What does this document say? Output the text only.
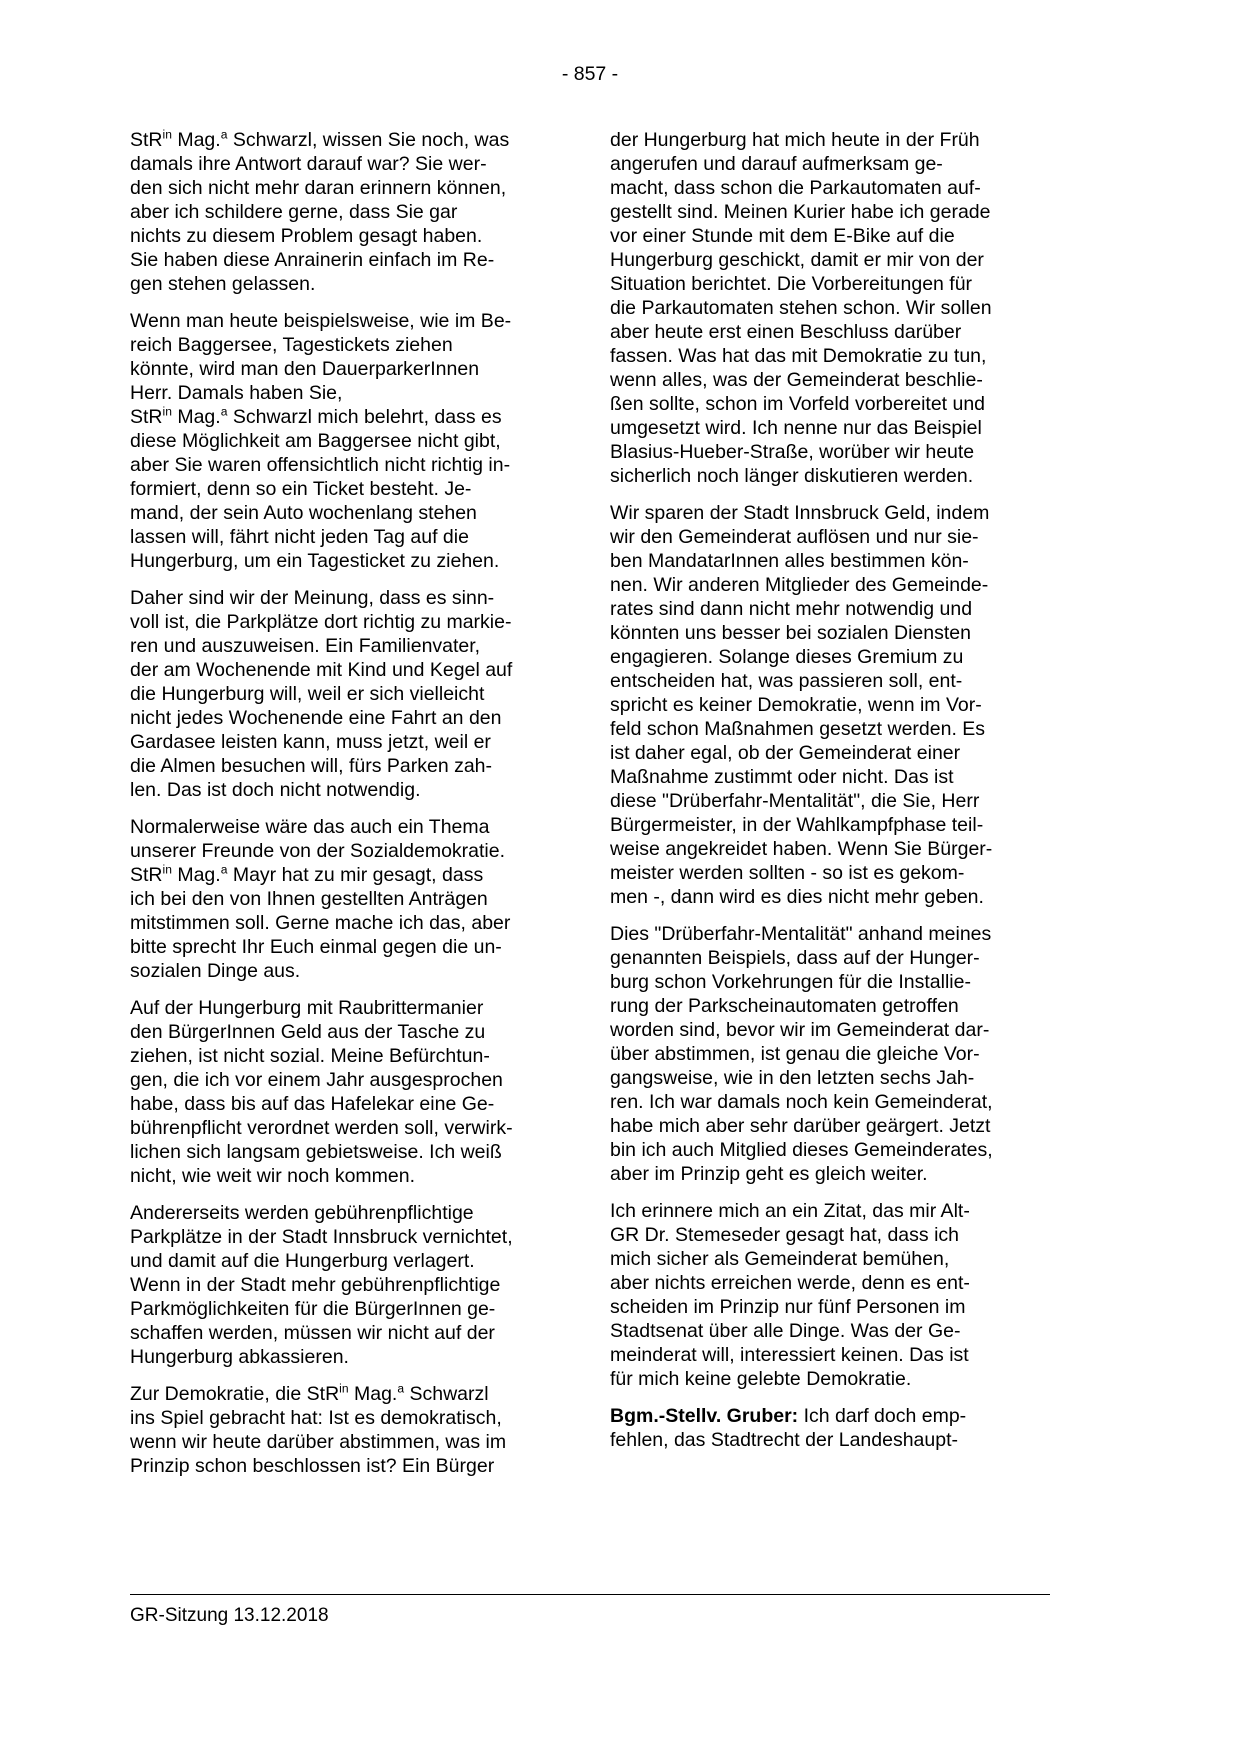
- 857 -

StR$^{in}$ Mag.$^a$ Schwarzl, wissen Sie noch, was
damals ihre Antwort darauf war? Sie wer-
den sich nicht mehr daran erinnern können,
aber ich schildere gerne, dass Sie gar
nichts zu diesem Problem gesagt haben.
Sie haben diese Anrainerin einfach im Re-
gen stehen gelassen.

Wenn man heute beispielsweise, wie im Be-
reich Baggersee, Tagestickets ziehen
könnte, wird man den DauerparkerInnen
Herr. Damals haben Sie,
StR$^{in}$ Mag.$^a$ Schwarzl mich belehrt, dass es
diese Möglichkeit am Baggersee nicht gibt,
aber Sie waren offensichtlich nicht richtig in-
formiert, denn so ein Ticket besteht. Je-
mand, der sein Auto wochenlang stehen
lassen will, fährt nicht jeden Tag auf die
Hungerburg, um ein Tagesticket zu ziehen.

Daher sind wir der Meinung, dass es sinn-
voll ist, die Parkplätze dort richtig zu markie-
ren und auszuweisen. Ein Familienvater,
der am Wochenende mit Kind und Kegel auf
die Hungerburg will, weil er sich vielleicht
nicht jedes Wochenende eine Fahrt an den
Gardasee leisten kann, muss jetzt, weil er
die Almen besuchen will, fürs Parken zah-
len. Das ist doch nicht notwendig.

Normalerweise wäre das auch ein Thema
unserer Freunde von der Sozialdemokratie.
StR$^{in}$ Mag.$^a$ Mayr hat zu mir gesagt, dass
ich bei den von Ihnen gestellten Anträgen
mitstimmen soll. Gerne mache ich das, aber
bitte sprecht Ihr Euch einmal gegen die un-
sozialen Dinge aus.

Auf der Hungerburg mit Raubrittermanier
den BürgerInnen Geld aus der Tasche zu
ziehen, ist nicht sozial. Meine Befürchtun-
gen, die ich vor einem Jahr ausgesprochen
habe, dass bis auf das Hafelekar eine Ge-
bührenpflicht verordnet werden soll, verwirk-
lichen sich langsam gebietsweise. Ich weiß
nicht, wie weit wir noch kommen.

Andererseits werden gebührenpflichtige
Parkplätze in der Stadt Innsbruck vernichtet,
und damit auf die Hungerburg verlagert.
Wenn in der Stadt mehr gebührenpflichtige
Parkmöglichkeiten für die BürgerInnen ge-
schaffen werden, müssen wir nicht auf der
Hungerburg abkassieren.

Zur Demokratie, die StR$^{in}$ Mag.$^a$ Schwarzl
ins Spiel gebracht hat: Ist es demokratisch,
wenn wir heute darüber abstimmen, was im
Prinzip schon beschlossen ist? Ein Bürger

der Hungerburg hat mich heute in der Früh
angerufen und darauf aufmerksam ge-
macht, dass schon die Parkautomaten auf-
gestellt sind. Meinen Kurier habe ich gerade
vor einer Stunde mit dem E-Bike auf die
Hungerburg geschickt, damit er mir von der
Situation berichtet. Die Vorbereitungen für
die Parkautomaten stehen schon. Wir sollen
aber heute erst einen Beschluss darüber
fassen. Was hat das mit Demokratie zu tun,
wenn alles, was der Gemeinderat beschlie-
ßen sollte, schon im Vorfeld vorbereitet und
umgesetzt wird. Ich nenne nur das Beispiel
Blasius-Hueber-Straße, worüber wir heute
sicherlich noch länger diskutieren werden.

Wir sparen der Stadt Innsbruck Geld, indem
wir den Gemeinderat auflösen und nur sie-
ben MandatarInnen alles bestimmen kön-
nen. Wir anderen Mitglieder des Gemeinde-
rates sind dann nicht mehr notwendig und
könnten uns besser bei sozialen Diensten
engagieren. Solange dieses Gremium zu
entscheiden hat, was passieren soll, ent-
spricht es keiner Demokratie, wenn im Vor-
feld schon Maßnahmen gesetzt werden. Es
ist daher egal, ob der Gemeinderat einer
Maßnahme zustimmt oder nicht. Das ist
diese "Drüberfahr-Mentalität", die Sie, Herr
Bürgermeister, in der Wahlkampfphase teil-
weise angekreidet haben. Wenn Sie Bürger-
meister werden sollten - so ist es gekom-
men -, dann wird es dies nicht mehr geben.

Dies "Drüberfahr-Mentalität" anhand meines
genannten Beispiels, dass auf der Hunger-
burg schon Vorkehrungen für die Installie-
rung der Parkscheinautomaten getroffen
worden sind, bevor wir im Gemeinderat dar-
über abstimmen, ist genau die gleiche Vor-
gangsweise, wie in den letzten sechs Jah-
ren. Ich war damals noch kein Gemeinderat,
habe mich aber sehr darüber geärgert. Jetzt
bin ich auch Mitglied dieses Gemeinderates,
aber im Prinzip geht es gleich weiter.

Ich erinnere mich an ein Zitat, das mir Alt-
GR Dr. Stemeseder gesagt hat, dass ich
mich sicher als Gemeinderat bemühen,
aber nichts erreichen werde, denn es ent-
scheiden im Prinzip nur fünf Personen im
Stadtsenat über alle Dinge. Was der Ge-
meinderat will, interessiert keinen. Das ist
für mich keine gelebte Demokratie.

Bgm.-Stellv. Gruber: Ich darf doch emp-
fehlen, das Stadtrecht der Landeshaupt-

GR-Sitzung 13.12.2018
